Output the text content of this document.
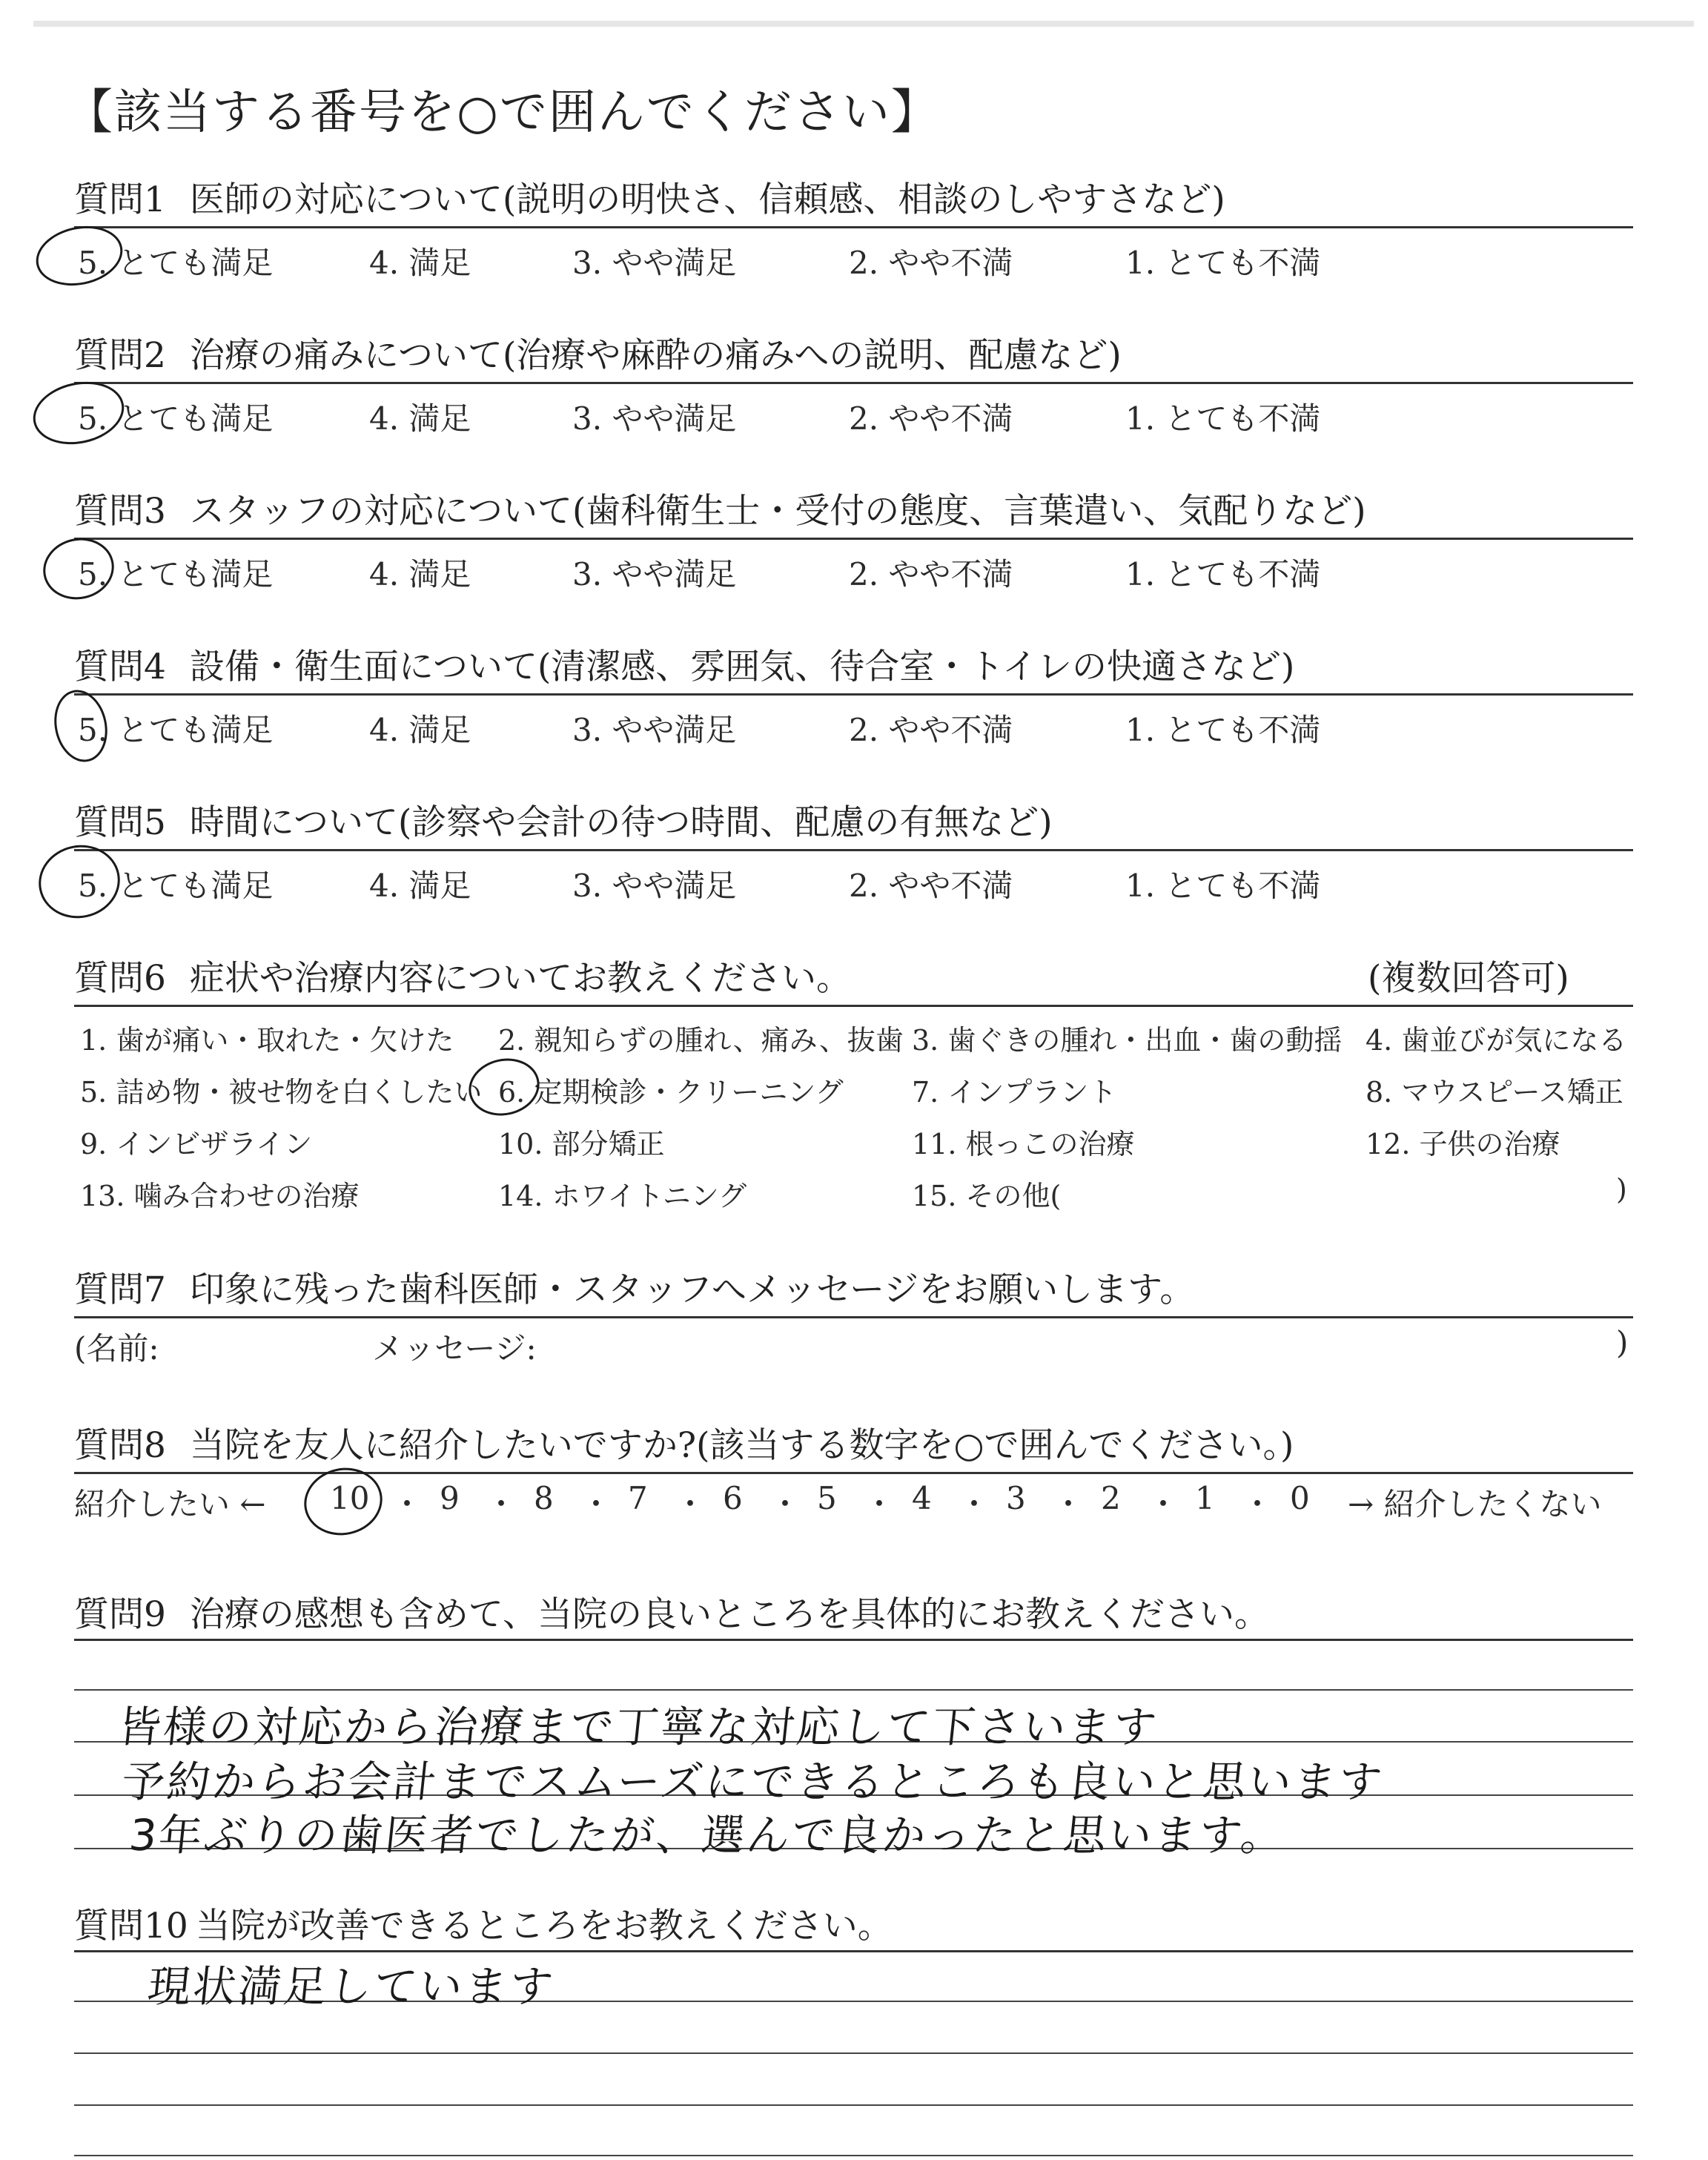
【該当する番号を○で囲んでください】
質問1 医師の対応について(説明の明快さ、信頼感、相談のしやすさなど)
5. とても満足	4. 満足	3. やや満足	2. やや不満	1. とても不満
質問2 治療の痛みについて(治療や麻酔の痛みへの説明、配慮など)
5. とても満足	4. 満足	3. やや満足	2. やや不満	1. とても不満
質問3 スタッフの対応について(歯科衛生士・受付の態度、言葉遣い、気配りなど)
5. とても満足	4. 満足	3. やや満足	2. やや不満	1. とても不満
質問4 設備・衛生面について(清潔感、雰囲気、待合室・トイレの快適さなど)
5. とても満足	4. 満足	3. やや満足	2. やや不満	1. とても不満
質問5 時間について(診察や会計の待つ時間、配慮の有無など)
5. とても満足	4. 満足	3. やや満足	2. やや不満	1. とても不満
質問6 症状や治療内容についてお教えください。	(複数回答可)
1. 歯が痛い・取れた・欠けた 2. 親知らずの腫れ、痛み、抜歯 3. 歯ぐきの腫れ・出血・歯の動揺 4. 歯並びが気になる
5. 詰め物・被せ物を白くしたい 6. 定期検診・クリーニング 7. インプラント	8. マウスピース矯正
9. インビザライン	10. 部分矯正	11. 根っこの治療	12. 子供の治療
13. 噛み合わせの治療	14. ホワイトニング	15. その他(	)
質問7 印象に残った歯科医師・スタッフへメッセージをお願いします。
(名前:	メッセージ:	)
質問8 当院を友人に紹介したいですか?(該当する数字を○で囲んでください。)
紹介したい ← 10 ・ 9 ・ 8 ・ 7 ・ 6 ・ 5 ・ 4 ・ 3 ・ 2 ・ 1 ・ 0 → 紹介したくない
質問9 治療の感想も含めて、当院の良いところを具体的にお教えください。
皆様の対応から治療まで丁寧な対応して下さいます
予約からお会計までスムーズにできるところも良いと思います
3年ぶりの歯医者でしたが、選んで良かったと思います。
質問10 当院が改善できるところをお教えください。
現状満足しています
